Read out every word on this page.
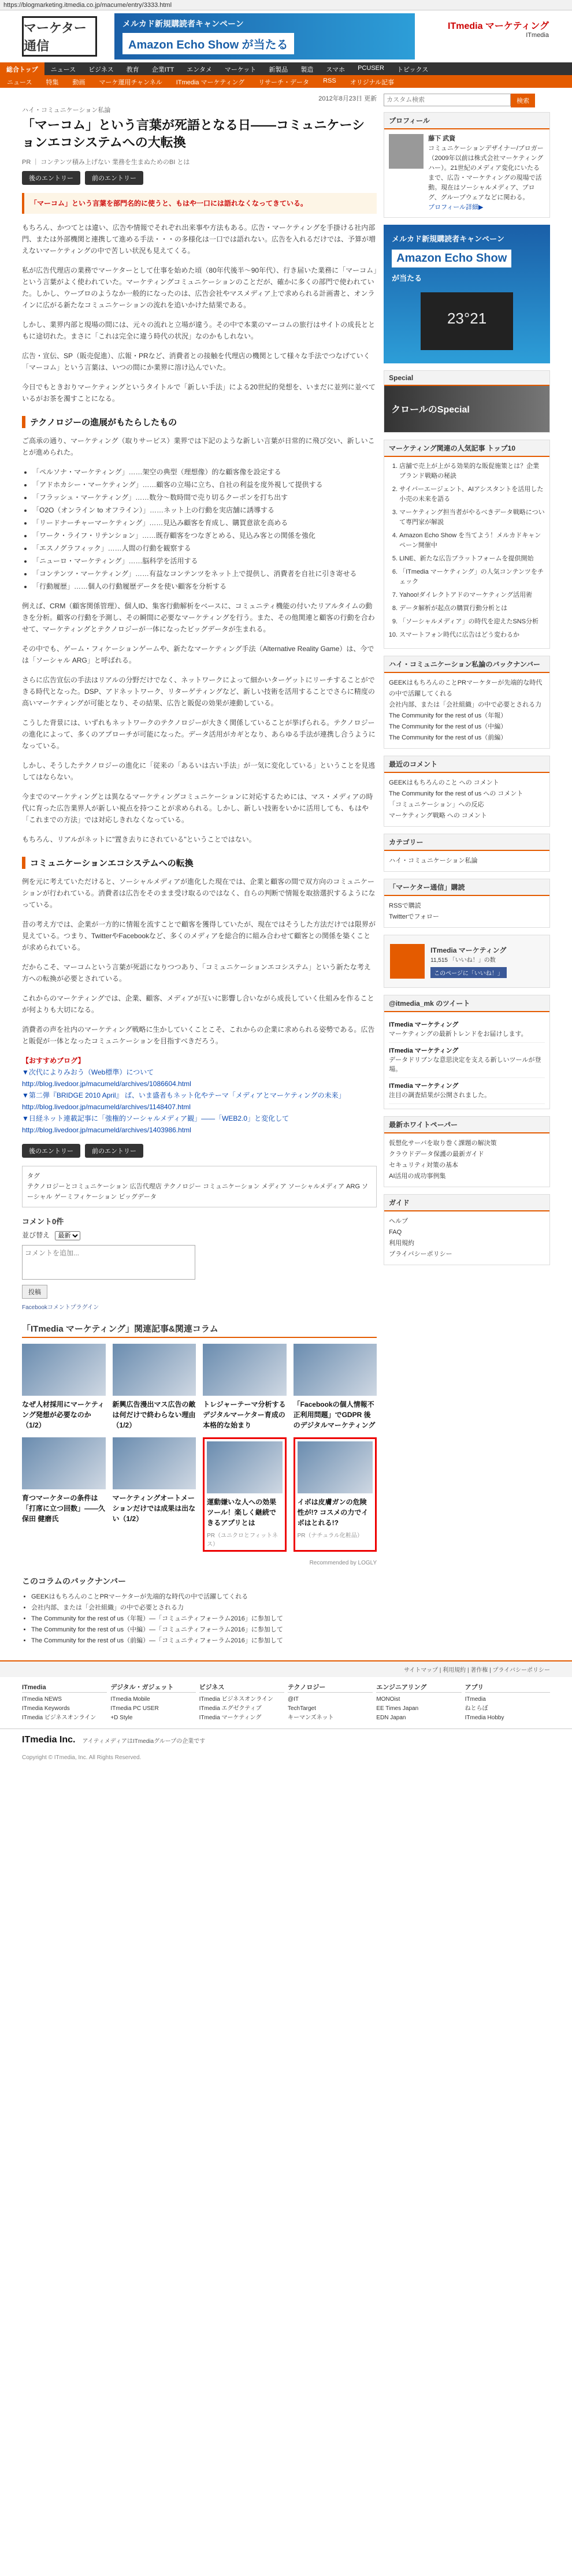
https://blogmarketing.itmedia.co.jp/macume/entry/3333.html
マーケター通信
メルカド新規購読者キャンペーン
Amazon Echo Show が当たる
ITmedia マーケティング
ITmedia
総合トップ	ニュース	ビジネス	教育	企業ITT	エンタメ	マーケット	新製品	製造	スマホ	PCUSER	トピックス
ニュース	特集	動画	マーケ運用チャンネル	ITmedia マーケティング	リサーチ・データ	RSS	オリジナル記事
2012年8月23日 更新
ハイ・コミュニケーション私論
「マーコム」という言葉が死語となる日――コミュニケーションエコシステムへの大転換
PR ｜ コンテンツ積み上げない 業務を生まぬためのBI とは
後のエントリー	前のエントリー
「マーコム」という言葉を部門名的に使うと、もはや一口には語れなくなってきている。

もちろん、かつてとは違い、広告や情報でそれぞれ出来事や方法もある。広告・マーケティングを手掛ける社内部門、または外部機関と連携して進める手法・・・の多様化は一口では語れない。広告を入れるだけでは、予算が増えないマーケティングの中で苦しい状況も見えてくる。

私が広告代理店の業務でマーケターとして仕事を始めた頃（80年代後半〜90年代）、行き届いた業務に「マーコム」という言葉がよく使われていた。マーケティングコミュニケーションのことだが、確かに多くの部門で使われていた。しかし、ウーブロのようなか一般的になったのは、広告会社やマスメディア上で求められる計画書と、オンラインに広がる新たなコミュニケーションの流れを追いかけた結果である。

しかし、業界内部と現場の間には、元々の流れと立場が違う。その中で本業のマーコムの旅行はサイトの成長とともに途切れた。まさに「これは完全に違う時代の状況」なのかもしれない。

広告・宣伝、SP（販売促進）、広報・PRなど、消費者との接触を代理店の機関として様々な手法でつなげていく「マーコム」という言葉は、いつの間にか業界に溶け込んでいた。

今日でもときおりマーケティングというタイトルで「新しい手法」による20世紀的発想を、いまだに並列に並べているがお茶を濁すことになる。

テクノロジーの進展がもたらしたもの
ご高承の通り、マーケティング（取りサービス）業界では下記のような新しい言葉が日常的に飛び交い、新しいことが進められた。
• 「ペルソナ・マーケティング」……架空の典型（理想像）的な顧客像を設定する
• 「アドホカシー・マーケティング」……顧客の立場に立ち、自社の利益を度外視して提供する
• 「フラッシュ・マーケティング」……数分〜数時間で売り切るクーポンを打ち出す
• 「O2O（オンライン to オフライン）」……ネット上の行動を実店舗に誘導する
• 「リードナーチャーマーケティング」……見込み顧客を育成し、購買意欲を高める
• 「ワーク・ライフ・リテンション」……既存顧客をつなぎとめる、見込み客との関係を強化
• 「エスノグラフィック」……人間の行動を観察する
• 「ニューロ・マーケティング」……脳科学を活用する
• 「コンテンツ・マーケティング」……有益なコンテンツをネット上で提供し、消費者を自社に引き寄せる
• 「行動履歴」……個人の行動履歴データを使い顧客を分析する

例えば、CRM（顧客関係管理）、個人ID、集客行動解析をベースに、コミュニティ機能の付いたリアルタイムの動きを分析。顧客の行動を予測し、その瞬間に必要なマーケティングを行う。また、その他関連と顧客の行動を合わせて、マーケティングとテクノロジーが一体になったビッグデータが生まれる。

その中でも、ゲーム・フィケーションゲームや、新たなマーケティング手法（Alternative Reality Game）は、今では「ソーシャル ARG」と呼ばれる。

さらに広告宣伝の手法はリアルの分野だけでなく、ネットワークによって細かいターゲットにリーチすることができる時代となった。DSP、アドネットワーク、リターゲティングなど、新しい技術を活用することでさらに精度の高いマーケティングが可能となり、その結果、広告と販促の効果が連動している。

こうした背景には、いずれもネットワークのテクノロジーが大きく関係していることが挙げられる。テクノロジーの進化によって、多くのアプローチが可能になった。データ活用がカギとなり、あらゆる手法が連携し合うようになっている。

しかし、そうしたテクノロジーの進化に「従来の「あるいは古い手法」が一気に変化している」ということを見逃してはならない。

今までのマーケティングとは異なるマーケティングコミュニケーションに対応するためには、マス・メディアの時代に育った広告業界人が新しい視点を持つことが求められる。しかし、新しい技術をいかに活用しても、もはや「これまでの方法」では対応しきれなくなっている。

もちろん、リアルがネットに"置き去りにされている"ということではない。

コミュニケーションエコシステムへの転換

例を元に考えていただけると、ソーシャルメディアが進化した現在では、企業と顧客の間で双方向のコミュニケーションが行われている。消費者は広告をそのまま受け取るのではなく、自らの判断で情報を取捨選択するようになっている。

昔の考え方では、企業が一方的に情報を流すことで顧客を獲得していたが、現在ではそうした方法だけでは限界が見えている。つまり、TwitterやFacebookなど、多くのメディアを総合的に組み合わせて顧客との関係を築くことが求められている。

だからこそ、マーコムという言葉が死語になりつつあり、「コミュニケーションエコシステム」という新たな考え方への転換が必要とされている。

これからのマーケティングでは、企業、顧客、メディアが互いに影響し合いながら成長していく仕組みを作ることが何よりも大切になる。

消費者の声を社内のマーケティング戦略に生かしていくことこそ、これからの企業に求められる姿勢である。広告と販促が一体となったコミュニケーションを目指すべきだろう。

【おすすめブログ】
▼次代によりみおう（Web標準）について
http://blog.livedoor.jp/macumeld/archives/1086604.html
▼第二弾『BRIDGE 2010 April』 ば、いま盛者もネット化やテーマ「メディアとマーケティングの未来」
http://blog.livedoor.jp/macumeld/archives/1148407.html
▼日経ネット連載記事に「強権的ソーシャルメディア観」――「WEB2.0」と変化して
http://blog.livedoor.jp/macumeld/archives/1403986.html
後のエントリー	前のエントリー
タグ
テクノロジーとコミュニケーション 広告代理店 テクノロジー コミュニケーション メディア ソーシャルメディア ARG ソーシャル ゲーミフィケーション ビッグデータ
コメント0件
並び替え
最新
コメントを追加...
投稿
Facebookコメントプラグイン
「ITmedia マーケティング」関連記事&関連コラム
なぜ人材採用にマーケティング発想が必要なのか（1/2）
新興広告漫出マス広告の敵は何だけで終わらない理由（1/2）
トレジャーテーマ分析するデジタルマーケター育成の本格的な始まり
「Facebookの個人情報不正利用問題」でGDPR 後のデジタルマーケティング
育つマーケターの条件は「打席に立つ回数」――久保田 健磨氏
マーケティングオートメーションだけでは成果は出ない（1/2）
運動嫌いな人への効果ツール！楽しく継続できるアプリとは
PR（ユニクロとフィットネス）
イボは皮膚ガンの危険性が!? コスメの力でイボはとれる!?
PR（ナチュラル化粧品）
Recommended by LOGLY
このコラムのバックナンバー
• GEEKはもちろんのことPRマーケターが先端的な時代の中で活躍してくれる
• 会社内部、または「会社組織」の中で必要とされる力
• The Community for the rest of us（年報）―「コミュニティフォーラム2016」に参加して
• The Community for the rest of us（中編）―「コミュニティフォーラム2016」に参加して
• The Community for the rest of us（前編）―「コミュニティフォーラム2016」に参加して
カスタム検索
検索
プロフィール
藤下 武資
コミュニケーションデザイナー/ブロガー（2009年以前は株式会社マーケティングハー）。21世紀のメディア変化にいたるまで、広告・マーケティングの現場で活動。現在はソーシャルメディア、ブログ、グループウェアなどに関わる。
プロフィール詳細▶
メルカド新規購読者キャンペーン
Amazon Echo Show
が当たる
23°21
Special
クロールのSpecial
マーケティング関連の人気記事 トップ10
1. 店舗で売上が上がる効果的な販促施策とは？企業ブランド戦略の秘訣
2. サイバーエージェント、AIアシスタントを活用した小売の未来を語る
3. マーケティング担当者がやるべきデータ戦略について専門家が解説
4. Amazon Echo Show を当てよう！メルカドキャンペーン開催中
5. LINE、新たな広告プラットフォームを提供開始
6. 「ITmedia マーケティング」の人気コンテンツをチェック
7. Yahoo!ダイレクトアドのマーケティング活用術
8. データ解析が起点の購買行動分析とは
9. 「ソーシャルメディア」の時代を迎えたSNS分析
10. スマートフォン時代に広告はどう変わるか
ハイ・コミュニケーション私論のバックナンバー
GEEKはもちろんのことPRマーケターが先端的な時代の中で活躍してくれる
会社内部、または「会社組織」の中で必要とされる力
The Community for the rest of us（年報）
The Community for the rest of us（中編）
The Community for the rest of us（前編）
最近のコメント
GEEKはもちろんのこと への コメント
The Community for the rest of us への コメント
「コミュニケーション」への反応
マーケティング戦略 への コメント
カテゴリー
ハイ・コミュニケーション私論
「マーケター通信」購読
RSSで購読
Twitterでフォロー
ITmedia マーケティング
11,515 「いいね！」の数
このページに「いいね！」
@itmedia_mk のツイート
ITmedia マーケティング
マーケティングの最新トレンドをお届けします。
ITmedia マーケティング
データドリブンな意思決定を支える新しいツールが登場。
ITmedia マーケティング
注目の調査結果が公開されました。
最新ホワイトペーパー
仮想化サーバを取り巻く課題の解決策
クラウドデータ保護の最新ガイド
セキュリティ対策の基本
AI活用の成功事例集
ガイド
ヘルプ
FAQ
利用規約
プライバシーポリシー
サイトマップ | 利用規約 | 著作権 | プライバシーポリシー
ITmedia
ITmedia NEWS
ITmedia Keywords
ITmedia ビジネスオンライン
デジタル・ガジェット
ITmedia Mobile
ITmedia PC USER
+D Style
ビジネス
ITmedia ビジネスオンライン
ITmedia エグゼクティブ
ITmedia マーケティング
テクノロジー
@IT
TechTarget
キーマンズネット
エンジニアリング
MONOist
EE Times Japan
EDN Japan
アプリ
ITmedia
ねとらぼ
ITmedia Hobby
ITmedia Inc. アイティメディアはITmediaグループの企業です
Copyright © ITmedia, Inc. All Rights Reserved.
